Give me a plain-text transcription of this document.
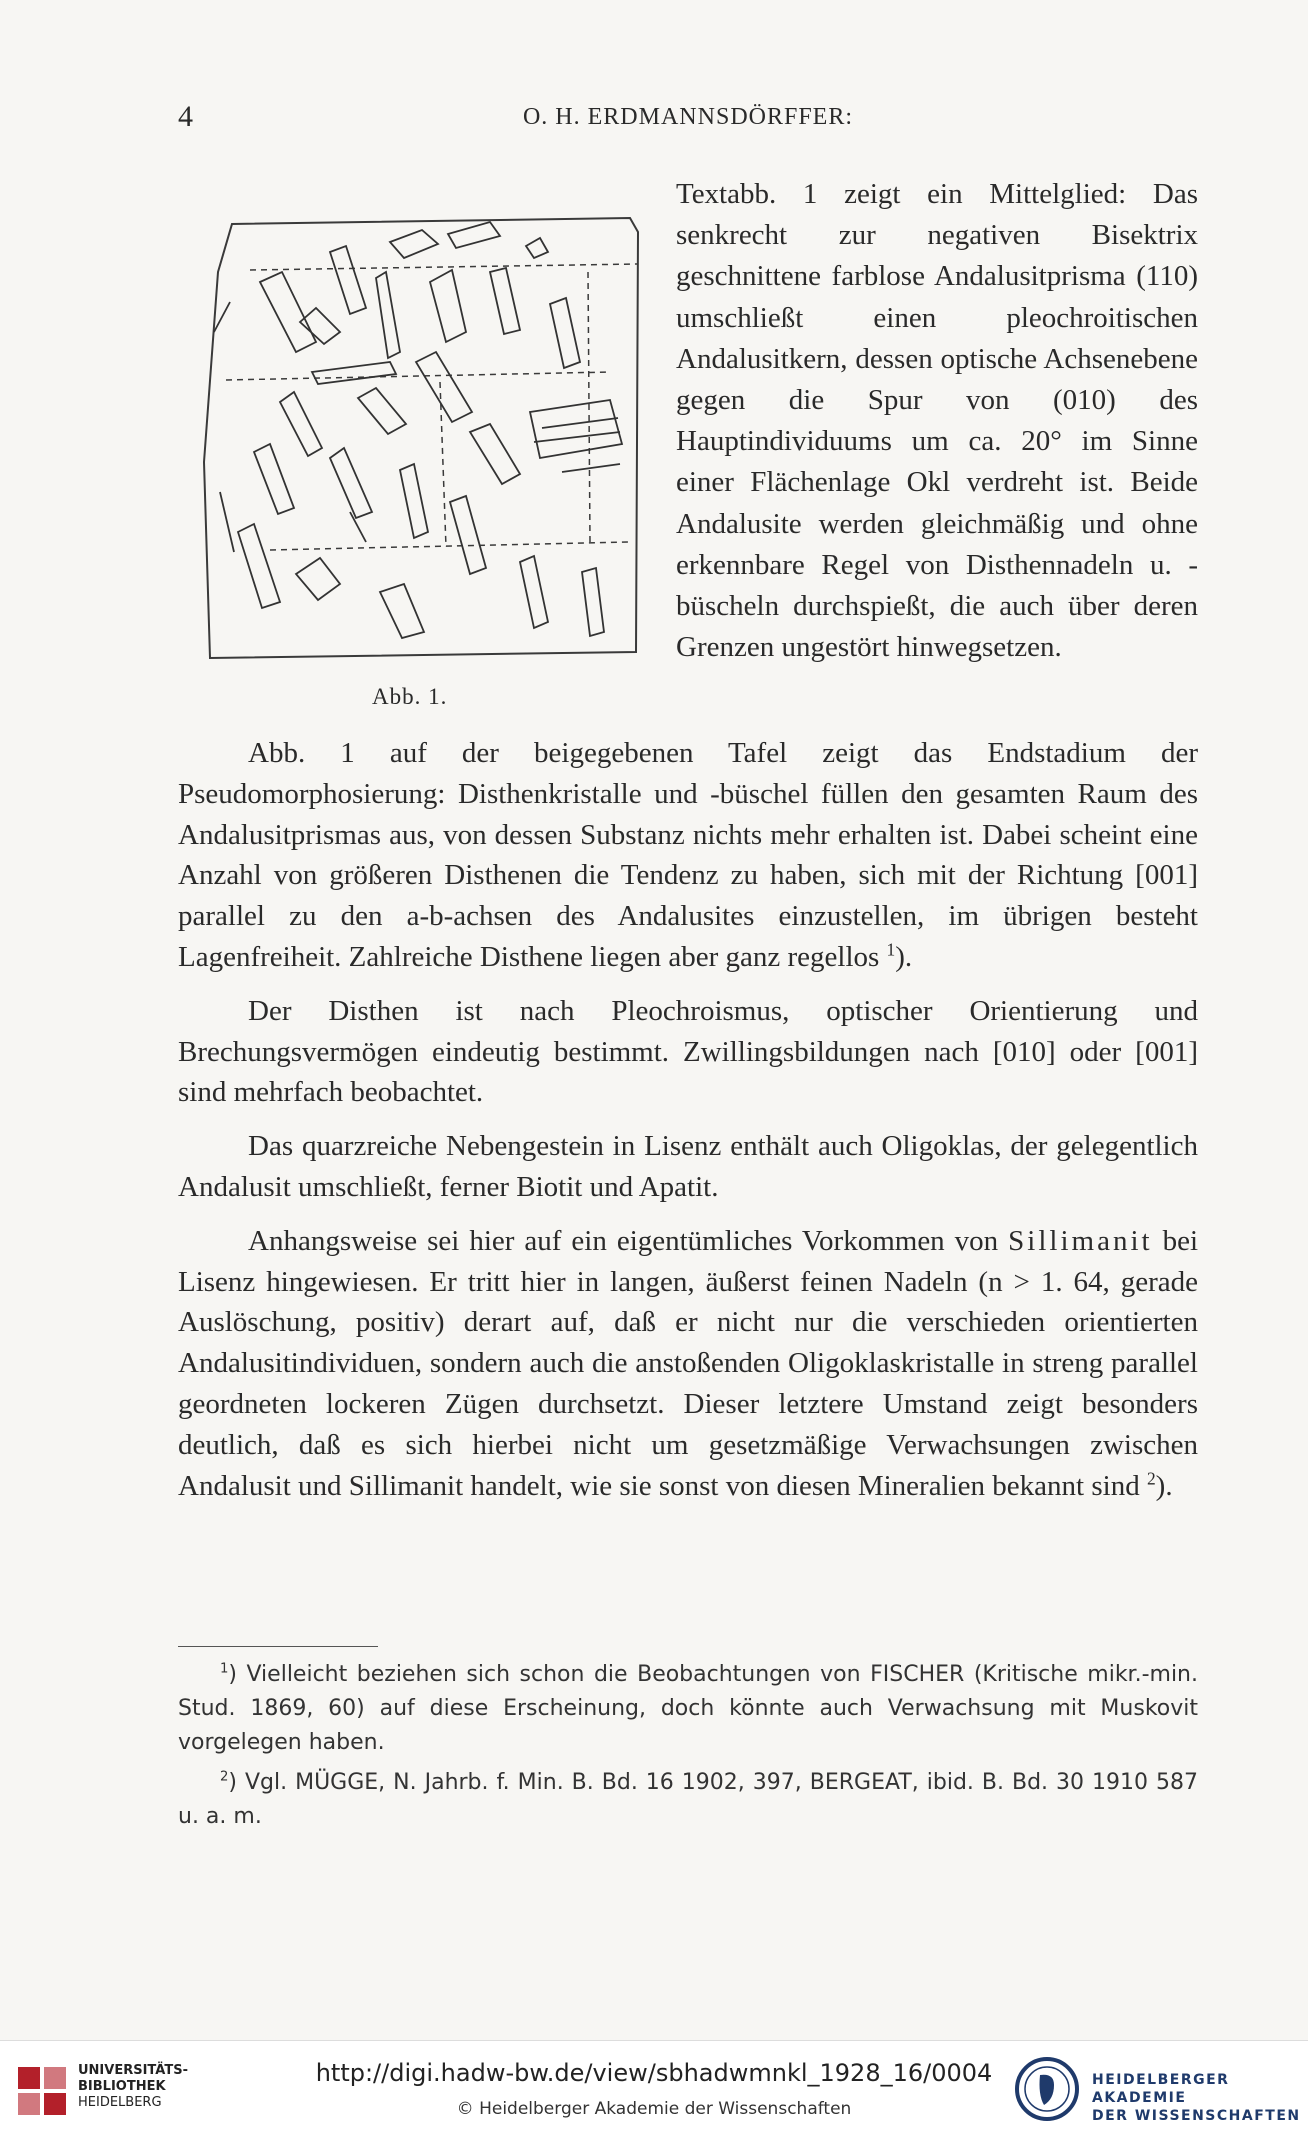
4	O. H. ERDMANNSDÖRFFER:
Abb. 1.
Textabb. 1 zeigt ein Mittelglied: Das senkrecht zur negativen Bisektrix geschnittene farblose Andalusitprisma (110) umschließt einen pleochroitischen Andalusitkern, dessen optische Achsenebene gegen die Spur von (010) des Hauptindividuums um ca. 20° im Sinne einer Flächenlage Okl verdreht ist. Beide Andalusite werden gleichmäßig und ohne erkennbare Regel von Disthennadeln u. -büscheln durchspießt, die auch über deren Grenzen ungestört hinwegsetzen.

Abb. 1 auf der beigegebenen Tafel zeigt das Endstadium der Pseudomorphosierung: Disthenkristalle und -büschel füllen den gesamten Raum des Andalusitprismas aus, von dessen Substanz nichts mehr erhalten ist. Dabei scheint eine Anzahl von größeren Disthenen die Tendenz zu haben, sich mit der Richtung [001] parallel zu den a-b-achsen des Andalusites einzustellen, im übrigen besteht Lagenfreiheit. Zahlreiche Disthene liegen aber ganz regellos $^1$).

Der Disthen ist nach Pleochroismus, optischer Orientierung und Brechungsvermögen eindeutig bestimmt. Zwillingsbildungen nach [010] oder [001] sind mehrfach beobachtet.

Das quarzreiche Nebengestein in Lisenz enthält auch Oligoklas, der gelegentlich Andalusit umschließt, ferner Biotit und Apatit.

Anhangsweise sei hier auf ein eigentümliches Vorkommen von Sillimanit bei Lisenz hingewiesen. Er tritt hier in langen, äußerst feinen Nadeln (n > 1. 64, gerade Auslöschung, positiv) derart auf, daß er nicht nur die verschieden orientierten Andalusitindividuen, sondern auch die anstoßenden Oligoklaskristalle in streng parallel geordneten lockeren Zügen durchsetzt. Dieser letztere Umstand zeigt besonders deutlich, daß es sich hierbei nicht um gesetzmäßige Verwachsungen zwischen Andalusit und Sillimanit handelt, wie sie sonst von diesen Mineralien bekannt sind $^2$).

$^1$) Vielleicht beziehen sich schon die Beobachtungen von FISCHER (Kritische mikr.-min. Stud. 1869, 60) auf diese Erscheinung, doch könnte auch Verwachsung mit Muskovit vorgelegen haben.

$^2$) Vgl. MÜGGE, N. Jahrb. f. Min. B. Bd. 16 1902, 397, BERGEAT, ibid. B. Bd. 30 1910 587 u. a. m.

UNIVERSITÄTS-
BIBLIOTHEK
HEIDELBERG
http://digi.hadw-bw.de/view/sbhadwmnkl_1928_16/0004
© Heidelberger Akademie der Wissenschaften
HEIDELBERGER AKADEMIE
DER WISSENSCHAFTEN
